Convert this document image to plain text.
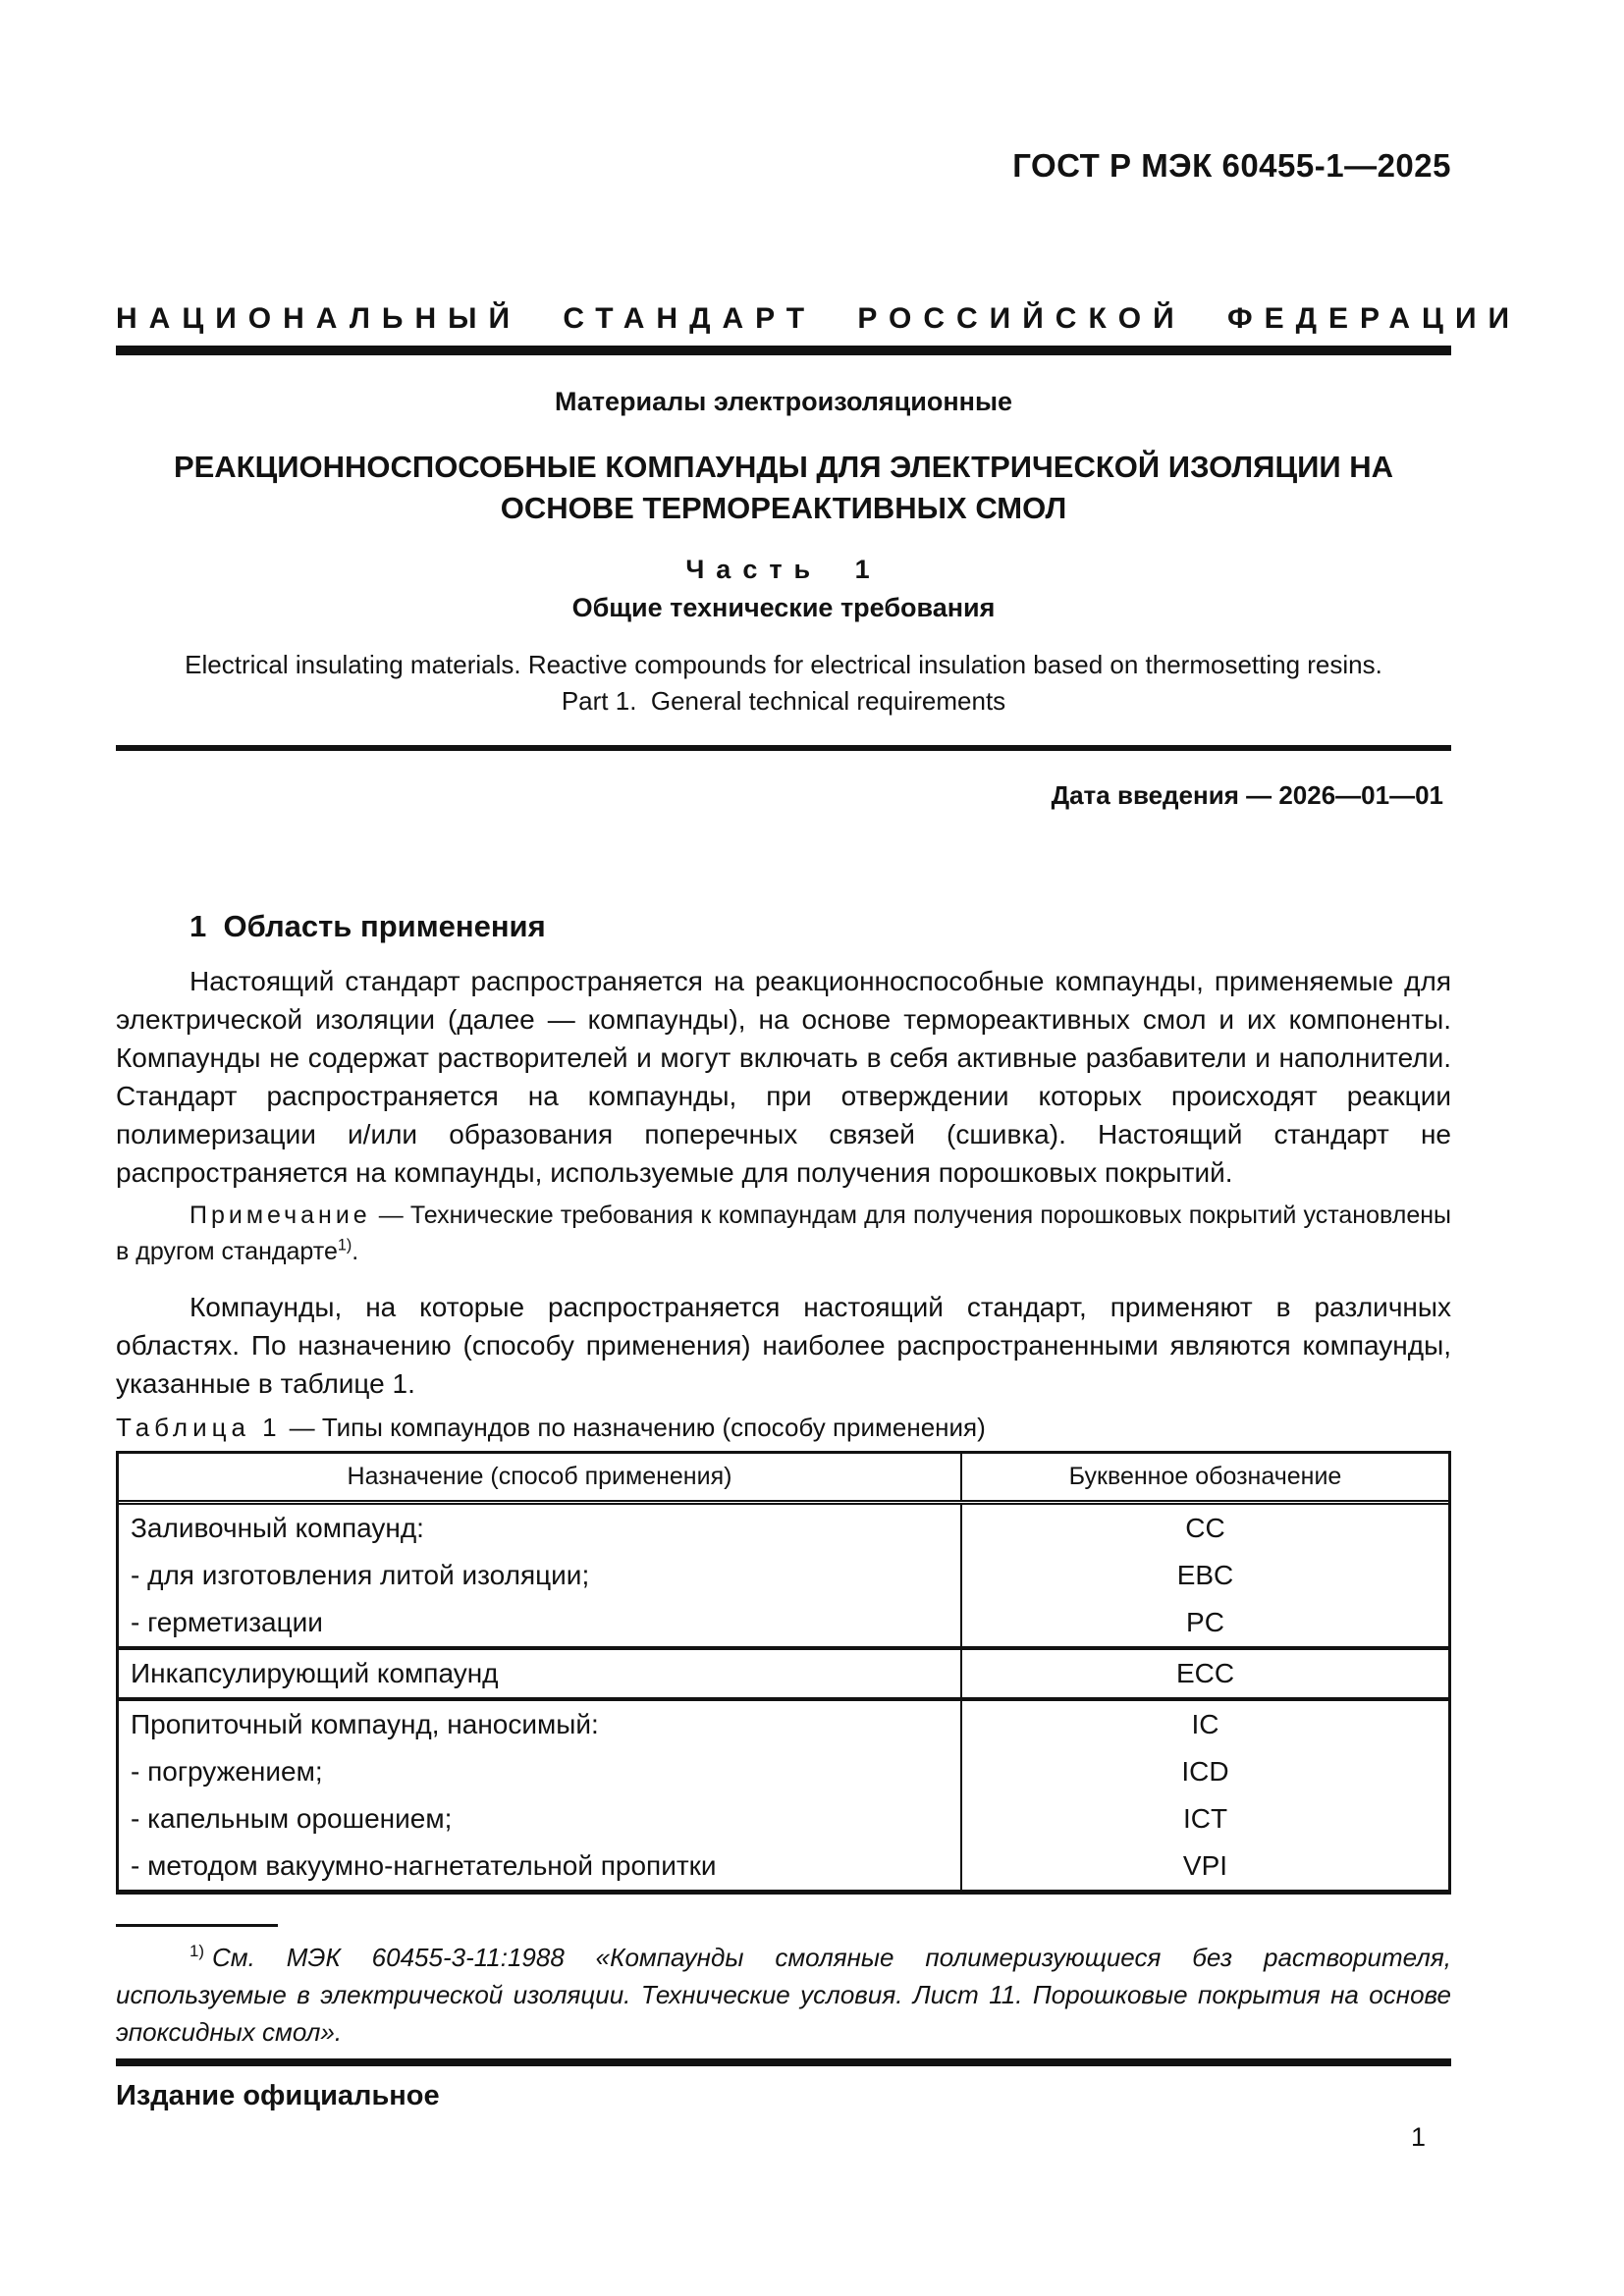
ГОСТ Р МЭК 60455-1—2025
НАЦИОНАЛЬНЫЙ СТАНДАРТ РОССИЙСКОЙ ФЕДЕРАЦИИ
Материалы электроизоляционные
РЕАКЦИОННОСПОСОБНЫЕ КОМПАУНДЫ ДЛЯ ЭЛЕКТРИЧЕСКОЙ ИЗОЛЯЦИИ НА ОСНОВЕ ТЕРМОРЕАКТИВНЫХ СМОЛ
Часть 1
Общие технические требования
Electrical insulating materials. Reactive compounds for electrical insulation based on thermosetting resins.
Part 1.  General technical requirements
Дата введения — 2026—01—01
1  Область применения

Настоящий стандарт распространяется на реакционноспособные компаунды, применяемые для электрической изоляции (далее — компаунды), на основе термореактивных смол и их компоненты. Компаунды не содержат растворителей и могут включать в себя активные разбавители и наполнители. Стандарт распространяется на компаунды, при отверждении которых происходят реакции полимеризации и/или образования поперечных связей (сшивка). Настоящий стандарт не распространяется на компаунды, используемые для получения порошковых покрытий.

Примечание — Технические требования к компаундам для получения порошковых покрытий установлены в другом стандарте$^{1)}$.

Компаунды, на которые распространяется настоящий стандарт, применяют в различных областях. По назначению (способу применения) наиболее распространенными являются компаунды, указанные в таблице 1.

Таблица 1 — Типы компаундов по назначению (способу применения)
Назначение (способ применения)	Буквенное обозначение
Заливочный компаунд:	CC
- для изготовления литой изоляции;	EBC
- герметизации	PC
Инкапсулирующий компаунд	ECC
Пропиточный компаунд, наносимый:	IC
- погружением;	ICD
- капельным орошением;	ICT
- методом вакуумно-нагнетательной пропитки	VPI

$^{1)}$ См. МЭК 60455-3-11:1988 «Компаунды смоляные полимеризующиеся без растворителя, используемые в электрической изоляции. Технические условия. Лист 11. Порошковые покрытия на основе эпоксидных смол».

Издание официальное
1
